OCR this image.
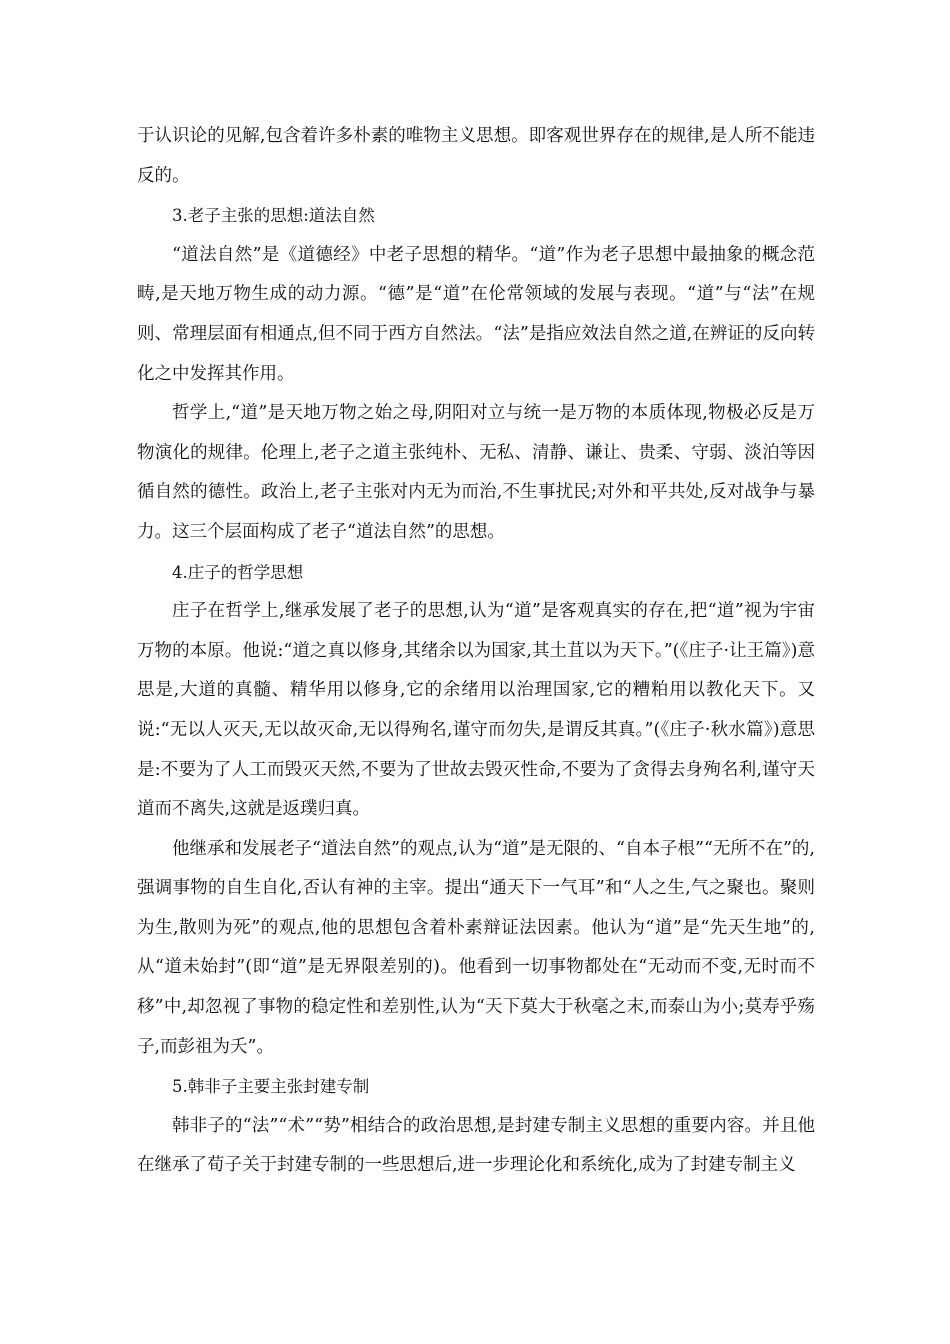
于认识论的见解,包含着许多朴素的唯物主义思想。即客观世界存在的规律,是人所不能违反的。

3.老子主张的思想:道法自然

“道法自然”是《道德经》中老子思想的精华。“道”作为老子思想中最抽象的概念范畴,是天地万物生成的动力源。“德”是“道”在伦常领域的发展与表现。“道”与“法”在规则、常理层面有相通点,但不同于西方自然法。“法”是指应效法自然之道,在辨证的反向转化之中发挥其作用。

哲学上,“道”是天地万物之始之母,阴阳对立与统一是万物的本质体现,物极必反是万物演化的规律。伦理上,老子之道主张纯朴、无私、清静、谦让、贵柔、守弱、淡泊等因循自然的德性。政治上,老子主张对内无为而治,不生事扰民;对外和平共处,反对战争与暴力。这三个层面构成了老子“道法自然”的思想。

4.庄子的哲学思想

庄子在哲学上,继承发展了老子的思想,认为“道”是客观真实的存在,把“道”视为宇宙万物的本原。他说:“道之真以修身,其绪余以为国家,其土苴以为天下。”(《庄子·让王篇》)意思是,大道的真髓、精华用以修身,它的余绪用以治理国家,它的糟粕用以教化天下。又说:“无以人灭天,无以故灭命,无以得殉名,谨守而勿失,是谓反其真。”(《庄子·秋水篇》)意思是:不要为了人工而毁灭天然,不要为了世故去毁灭性命,不要为了贪得去身殉名利,谨守天道而不离失,这就是返璞归真。

他继承和发展老子“道法自然”的观点,认为“道”是无限的、“自本子根”“无所不在”的,强调事物的自生自化,否认有神的主宰。提出“通天下一气耳”和“人之生,气之聚也。聚则为生,散则为死”的观点,他的思想包含着朴素辩证法因素。他认为“道”是“先天生地”的,从“道未始封”(即“道”是无界限差别的)。他看到一切事物都处在“无动而不变,无时而不移”中,却忽视了事物的稳定性和差别性,认为“天下莫大于秋毫之末,而泰山为小;莫寿乎殇子,而彭祖为夭”。

5.韩非子主要主张封建专制

韩非子的“法”“术”“势”相结合的政治思想,是封建专制主义思想的重要内容。并且他在继承了荀子关于封建专制的一些思想后,进一步理论化和系统化,成为了封建专制主义
